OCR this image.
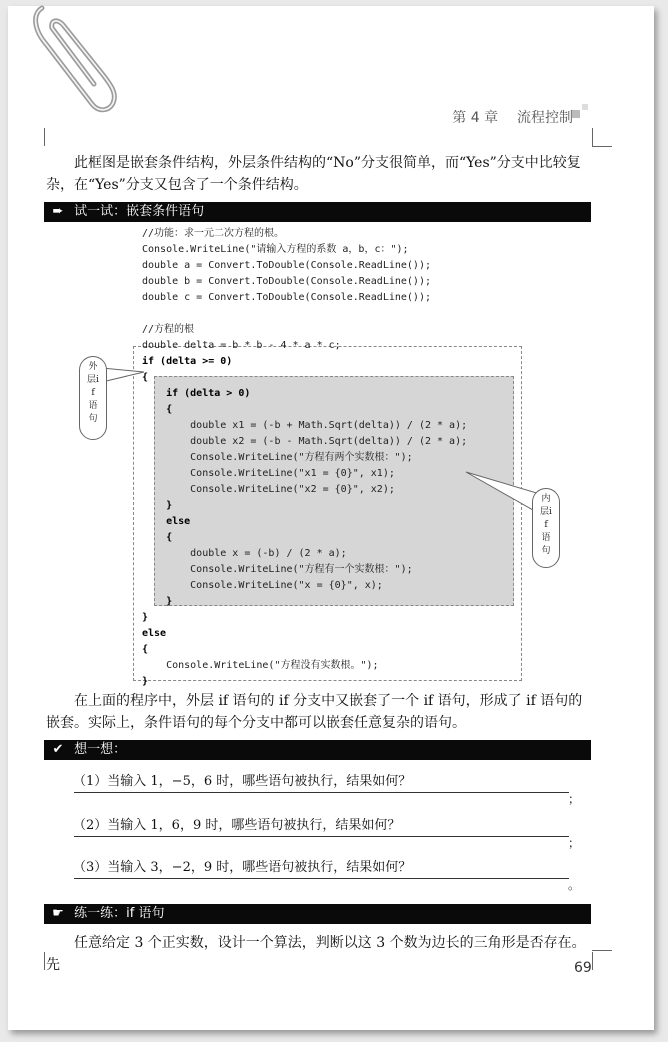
第 4 章 流程控制
此框图是嵌套条件结构，外层条件结构的“No”分支很简单，而“Yes”分支中比较复杂，在“Yes”分支又包含了一个条件结构。
➨ 试一试：嵌套条件语句
//功能：求一元二次方程的根。
Console.WriteLine("请输入方程的系数 a，b，c：");
double a = Convert.ToDouble(Console.ReadLine());
double b = Convert.ToDouble(Console.ReadLine());
double c = Convert.ToDouble(Console.ReadLine());
//方程的根
double delta = b * b - 4 * a * c;
if (delta >= 0)
{
if (delta > 0)
{
double x1 = (-b + Math.Sqrt(delta)) / (2 * a);
double x2 = (-b - Math.Sqrt(delta)) / (2 * a);
Console.WriteLine("方程有两个实数根：");
Console.WriteLine("x1 = {0}", x1);
Console.WriteLine("x2 = {0}", x2);
}
else
{
double x = (-b) / (2 * a);
Console.WriteLine("方程有一个实数根：");
Console.WriteLine("x = {0}", x);
}
}
else
{
Console.WriteLine("方程没有实数根。");
}
外层if语句
内层if语句
在上面的程序中，外层 if 语句的 if 分支中又嵌套了一个 if 语句，形成了 if 语句的嵌套。实际上，条件语句的每个分支中都可以嵌套任意复杂的语句。
✔ 想一想：
（1）当输入 1，−5，6 时，哪些语句被执行，结果如何？
；
（2）当输入 1，6，9 时，哪些语句被执行，结果如何？
；
（3）当输入 3，−2，9 时，哪些语句被执行，结果如何？
。
☛ 练一练：if 语句
任意给定 3 个正实数，设计一个算法，判断以这 3 个数为边长的三角形是否存在。先	69
